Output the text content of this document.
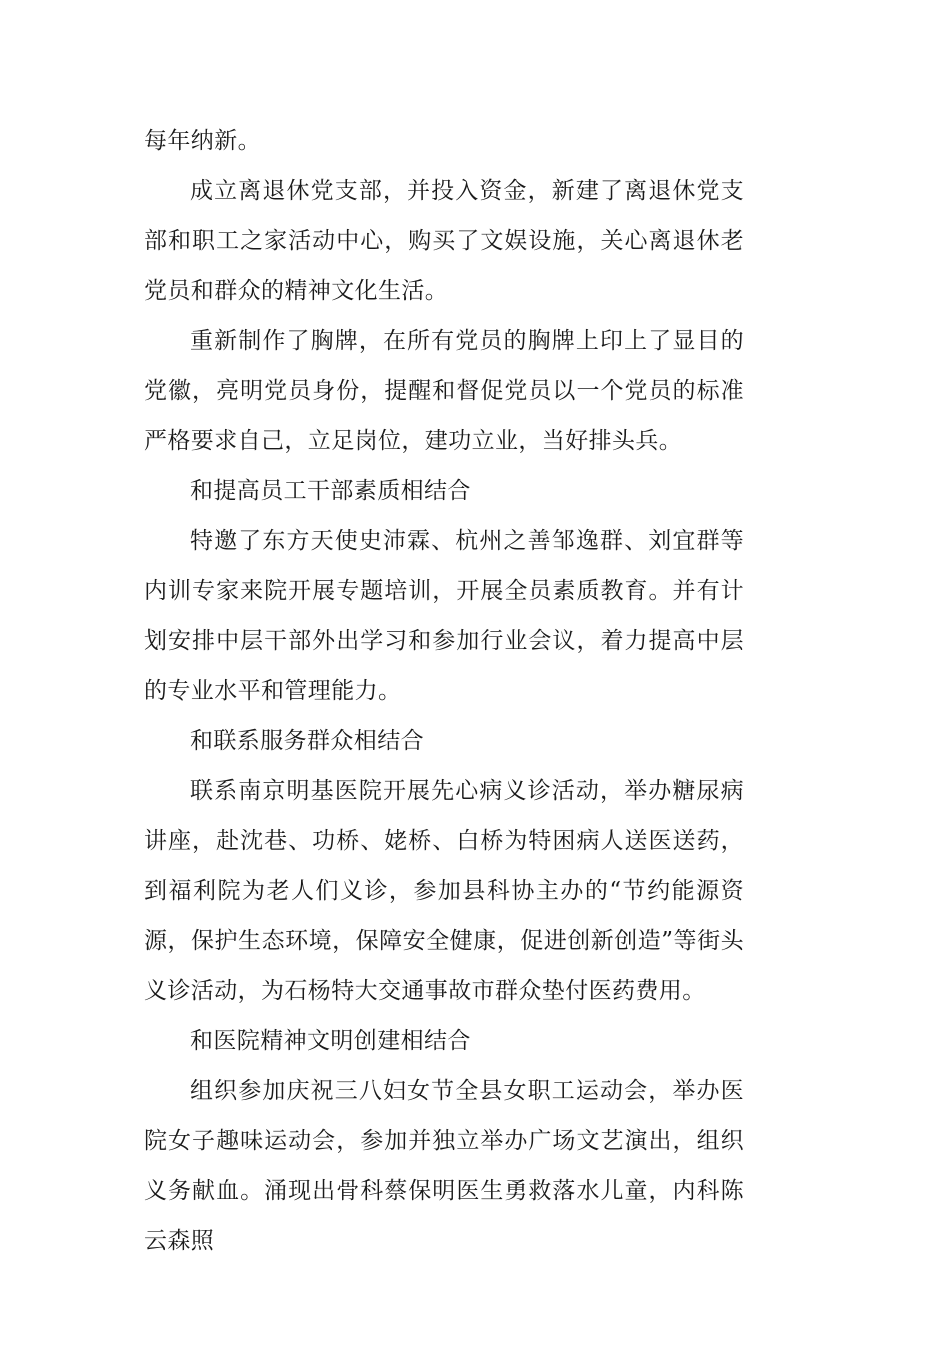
每年纳新。

成立离退休党支部，并投入资金，新建了离退休党支部和职工之家活动中心，购买了文娱设施，关心离退休老党员和群众的精神文化生活。

重新制作了胸牌，在所有党员的胸牌上印上了显目的党徽，亮明党员身份，提醒和督促党员以一个党员的标准严格要求自己，立足岗位，建功立业，当好排头兵。

和提高员工干部素质相结合

特邀了东方天使史沛霖、杭州之善邹逸群、刘宜群等内训专家来院开展专题培训，开展全员素质教育。并有计划安排中层干部外出学习和参加行业会议，着力提高中层的专业水平和管理能力。

和联系服务群众相结合

联系南京明基医院开展先心病义诊活动，举办糖尿病讲座，赴沈巷、功桥、姥桥、白桥为特困病人送医送药，到福利院为老人们义诊，参加县科协主办的“节约能源资源，保护生态环境，保障安全健康，促进创新创造”等街头义诊活动，为石杨特大交通事故市群众垫付医药费用。

和医院精神文明创建相结合

组织参加庆祝三八妇女节全县女职工运动会，举办医院女子趣味运动会，参加并独立举办广场文艺演出，组织义务献血。涌现出骨科蔡保明医生勇救落水儿童，内科陈云森照
